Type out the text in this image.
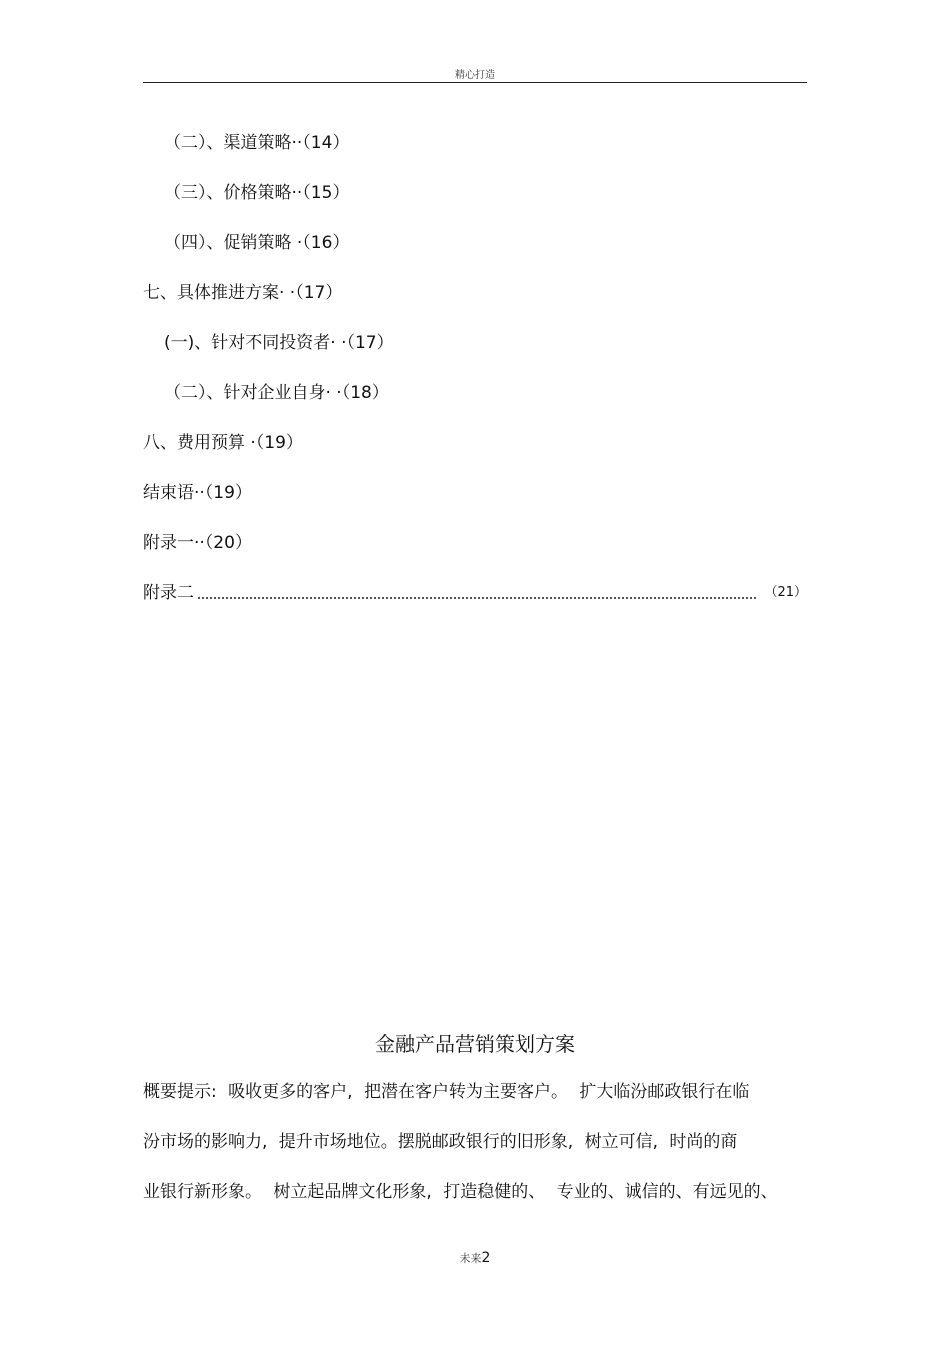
精心打造
（二）、渠道策略··（14）
（三）、价格策略··（15）
（四）、促销策略 ·（16）
七、具体推进方案· ·（17）
(一)、针对不同投资者· ·（17）
（二）、针对企业自身· ·（18）
八、费用预算 ·（19）
结束语··（19）
附录一··（20）
附录二	（21）
金融产品营销策划方案
概要提示: 吸收更多的客户, 把潜在客户转为主要客户。 扩大临汾邮政银行在临
汾市场的影响力, 提升市场地位。摆脱邮政银行的旧形象, 树立可信, 时尚的商
业银行新形象。 树立起品牌文化形象, 打造稳健的、 专业的、诚信的、有远见的、
未来2
